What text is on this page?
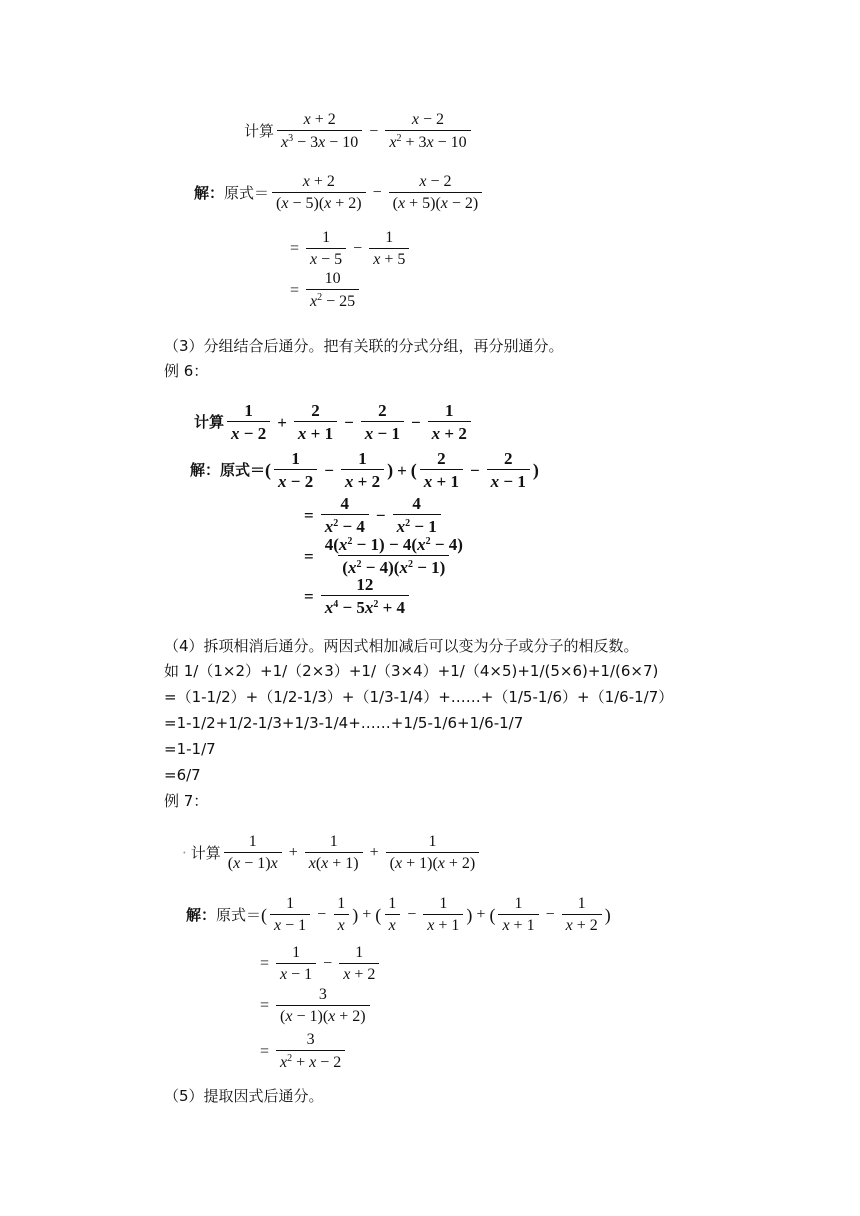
计算 $\frac{x + 2}{x^3 - 3x - 10} - \frac{x - 2}{x^2 + 3x - 10}$
解： 原式＝ $\frac{x + 2}{(x - 5)(x + 2)} - \frac{x - 2}{(x + 5)(x - 2)}$
= $\frac{1}{x - 5} - \frac{1}{x + 5}$
= $\frac{10}{x^2 - 25}$
（3）分组结合后通分。把有关联的分式分组，再分别通分。
例 6：
计算 $\frac{1}{x - 2} + \frac{2}{x + 1} - \frac{2}{x - 1} - \frac{1}{x + 2}$
解： 原式＝ ( $\frac{1}{x - 2} - \frac{1}{x + 2}$ ) + ( $\frac{2}{x + 1} - \frac{2}{x - 1}$ )
= $\frac{4}{x^2 - 4} - \frac{4}{x^2 - 1}$
= $\frac{4(x^2 - 1) - 4(x^2 - 4)}{(x^2 - 4)(x^2 - 1)}$
= $\frac{12}{x^4 - 5x^2 + 4}$
（4）拆项相消后通分。两因式相加减后可以变为分子或分子的相反数。
如 1/（1×2）+1/（2×3）+1/（3×4）+1/（4×5)+1/(5×6)+1/(6×7)
=（1-1/2）+（1/2-1/3）+（1/3-1/4）+……+（1/5-1/6）+（1/6-1/7）
=1-1/2+1/2-1/3+1/3-1/4+……+1/5-1/6+1/6-1/7
=1-1/7
=6/7
例 7：
· 计算 $\frac{1}{(x - 1)x} + \frac{1}{x(x + 1)} + \frac{1}{(x + 1)(x + 2)}$
解： 原式＝ ( $\frac{1}{x - 1} - \frac{1}{x}$ ) + ( $\frac{1}{x} - \frac{1}{x + 1}$ ) + ( $\frac{1}{x + 1} - \frac{1}{x + 2}$ )
= $\frac{1}{x - 1} - \frac{1}{x + 2}$
= $\frac{3}{(x - 1)(x + 2)}$
= $\frac{3}{x^2 + x - 2}$
（5）提取因式后通分。
